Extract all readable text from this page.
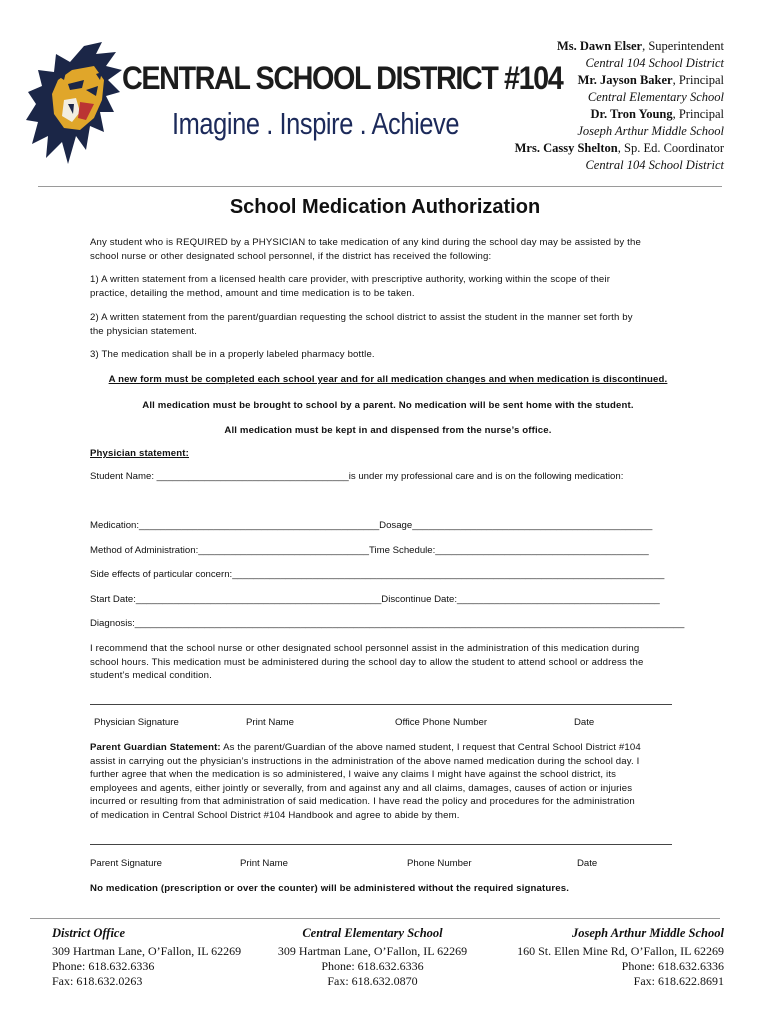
CENTRAL SCHOOL DISTRICT #104
Imagine . Inspire . Achieve
Ms. Dawn Elser, Superintendent
Central 104 School District
Mr. Jayson Baker, Principal
Central Elementary School
Dr. Tron Young, Principal
Joseph Arthur Middle School
Mrs. Cassy Shelton, Sp. Ed. Coordinator
Central 104 School District
School Medication Authorization
Any student who is REQUIRED by a PHYSICIAN to take medication of any kind during the school day may be assisted by the
school nurse or other designated school personnel, if the district has received the following:
1) A written statement from a licensed health care provider, with prescriptive authority, working within the scope of their
practice, detailing the method, amount and time medication is to be taken.
2) A written statement from the parent/guardian requesting the school district to assist the student in the manner set forth by
the physician statement.
3) The medication shall be in a properly labeled pharmacy bottle.
A new form must be completed each school year and for all medication changes and when medication is discontinued.
All medication must be brought to school by a parent. No medication will be sent home with the student.
All medication must be kept in and dispensed from the nurse’s office.
Physician statement:
Student Name: ____________________________________is under my professional care and is on the following medication:
Medication:_____________________________________________Dosage_____________________________________________
Method of Administration:________________________________Time Schedule:________________________________________
Side effects of particular concern:_________________________________________________________________________________
Start Date:______________________________________________Discontinue Date:______________________________________
Diagnosis:_______________________________________________________________________________________________________
I recommend that the school nurse or other designated school personnel assist in the administration of this medication during
school hours. This medication must be administered during the school day to allow the student to attend school or address the
student’s medical condition.
Physician Signature	Print Name	Office Phone Number	Date
Parent Guardian Statement: As the parent/Guardian of the above named student, I request that Central School District #104
assist in carrying out the physician’s instructions in the administration of the above named medication during the school day. I
further agree that when the medication is so administered, I waive any claims I might have against the school district, its
employees and agents, either jointly or severally, from and against any and all claims, damages, causes of action or injuries
incurred or resulting from that administration of said medication. I have read the policy and procedures for the administration
of medication in Central School District #104 Handbook and agree to abide by them.
Parent Signature	Print Name	Phone Number	Date
No medication (prescription or over the counter) will be administered without the required signatures.
District Office
309 Hartman Lane, O’Fallon, IL 62269
Phone: 618.632.6336
Fax: 618.632.0263
Central Elementary School
309 Hartman Lane, O’Fallon, IL 62269
Phone: 618.632.6336
Fax: 618.632.0870
Joseph Arthur Middle School
160 St. Ellen Mine Rd, O’Fallon, IL 62269
Phone: 618.632.6336
Fax: 618.622.8691
